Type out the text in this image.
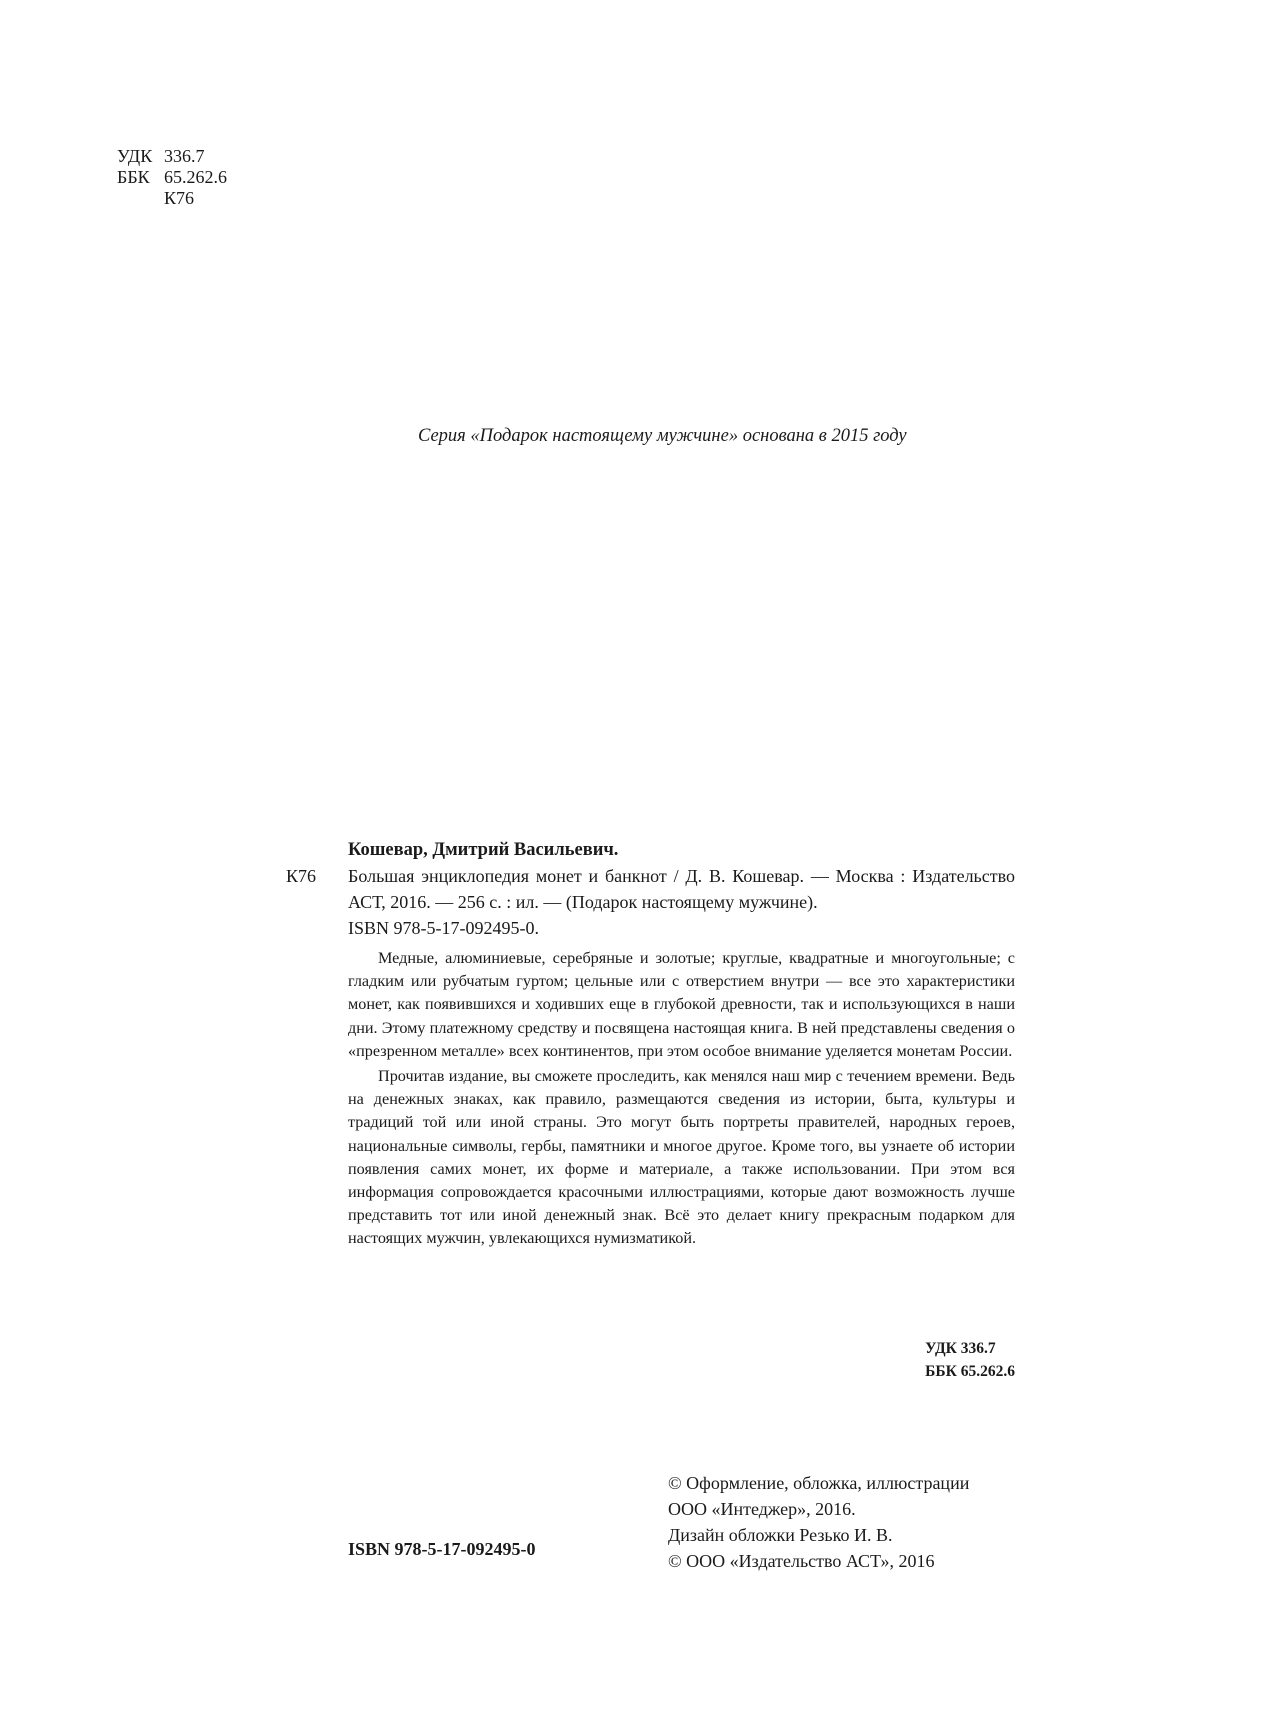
УДК 336.7
ББК 65.262.6
К76
Серия «Подарок настоящему мужчине» основана в 2015 году
К76
Кошевар, Дмитрий Васильевич.
Большая энциклопедия монет и банкнот / Д. В. Кошевар. — Москва : Издательство АСТ, 2016. — 256 с. : ил. — (Подарок настоящему мужчине).
ISBN 978-5-17-092495-0.

Медные, алюминиевые, серебряные и золотые; круглые, квадратные и многоугольные; с гладким или рубчатым гуртом; цельные или с отверстием внутри — все это характеристики монет, как появившихся и ходивших еще в глубокой древности, так и использующихся в наши дни. Этому платежному средству и посвящена настоящая книга. В ней представлены сведения о «презренном металле» всех континентов, при этом особое внимание уделяется монетам России.

Прочитав издание, вы сможете проследить, как менялся наш мир с течением времени. Ведь на денежных знаках, как правило, размещаются сведения из истории, быта, культуры и традиций той или иной страны. Это могут быть портреты правителей, народных героев, национальные символы, гербы, памятники и многое другое. Кроме того, вы узнаете об истории появления самих монет, их форме и материале, а также использовании. При этом вся информация сопровождается красочными иллюстрациями, которые дают возможность лучше представить тот или иной денежный знак. Всё это делает книгу прекрасным подарком для настоящих мужчин, увлекающихся нумизматикой.

УДК 336.7
ББК 65.262.6
ISBN 978-5-17-092495-0
© Оформление, обложка, иллюстрации
ООО «Интеджер», 2016.
Дизайн обложки Резько И. В.
© ООО «Издательство АСТ», 2016
